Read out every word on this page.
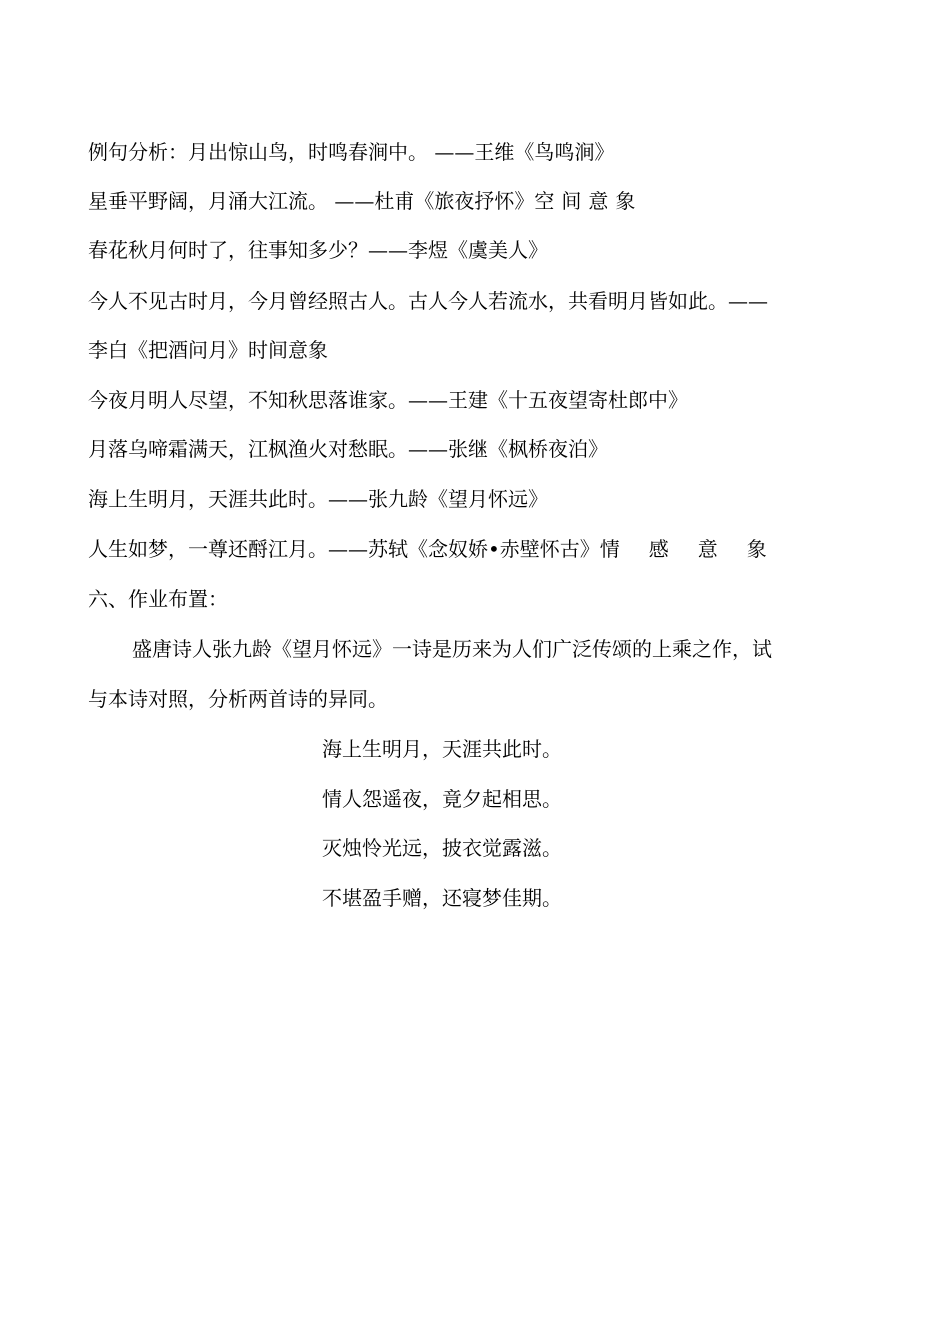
例句分析：月出惊山鸟，时鸣春涧中。 ——王维《鸟鸣涧》
星垂平野阔，月涌大江流。 ——杜甫《旅夜抒怀》空间意象
春花秋月何时了，往事知多少？——李煜《虞美人》
今人不见古时月，今月曾经照古人。古人今人若流水，共看明月皆如此。——
李白《把酒问月》时间意象
今夜月明人尽望，不知秋思落谁家。——王建《十五夜望寄杜郎中》
月落乌啼霜满天，江枫渔火对愁眠。——张继《枫桥夜泊》
海上生明月，天涯共此时。——张九龄《望月怀远》
人生如梦，一尊还酹江月。——苏轼《念奴娇•赤壁怀古》情感意象
六、作业布置：
盛唐诗人张九龄《望月怀远》一诗是历来为人们广泛传颂的上乘之作，试
与本诗对照，分析两首诗的异同。
海上生明月，天涯共此时。
情人怨遥夜，竟夕起相思。
灭烛怜光远，披衣觉露滋。
不堪盈手赠，还寝梦佳期。
